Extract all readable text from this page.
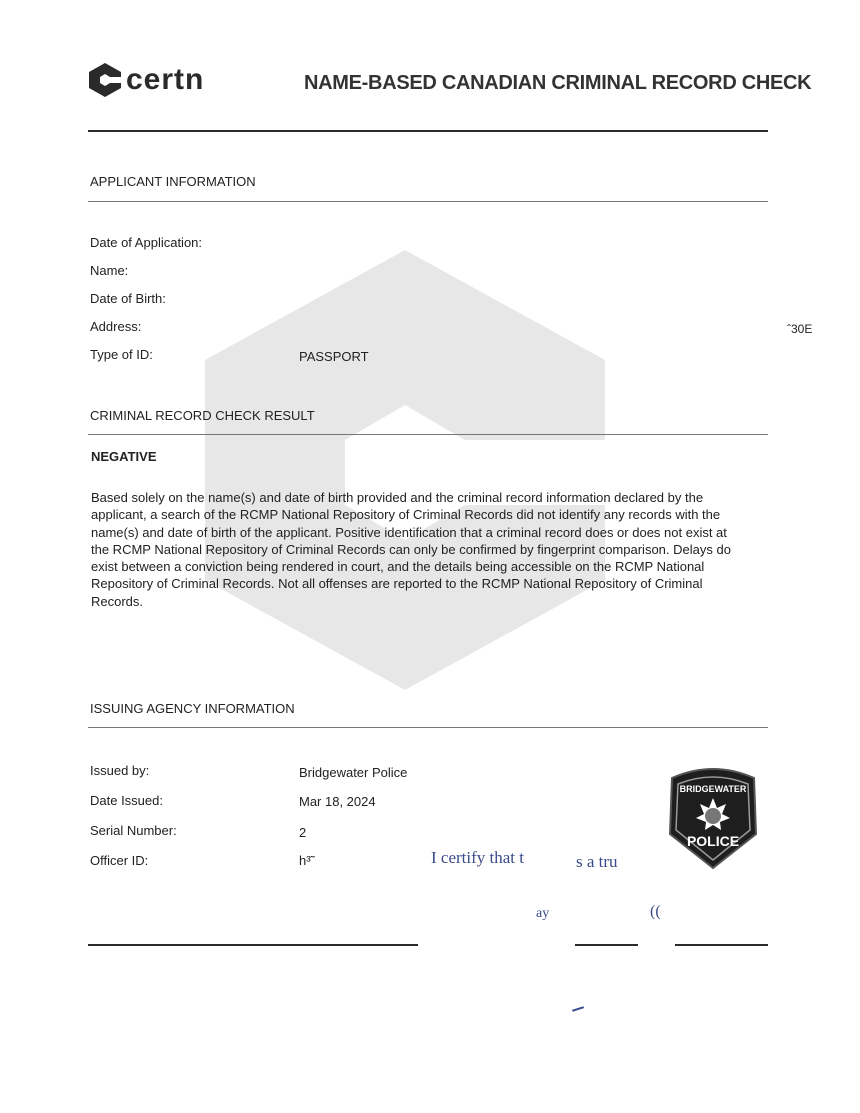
certn	NAME-BASED CANADIAN CRIMINAL RECORD CHECK
APPLICANT INFORMATION
Date of Application:
Name:
Date of Birth:
Address:	ˆ30E
Type of ID:	PASSPORT
CRIMINAL RECORD CHECK RESULT
NEGATIVE
Based solely on the name(s) and date of birth provided and the criminal record information declared by the applicant, a search of the RCMP National Repository of Criminal Records did not identify any records with the name(s) and date of birth of the applicant. Positive identification that a criminal record does or does not exist at the RCMP National Repository of Criminal Records can only be confirmed by fingerprint comparison. Delays do exist between a conviction being rendered in court, and the details being accessible on the RCMP National Repository of Criminal Records. Not all offenses are reported to the RCMP National Repository of Criminal Records.
ISSUING AGENCY INFORMATION
Issued by:	Bridgewater Police
Date Issued:	Mar 18, 2024
Serial Number:	2
Officer ID:	h³˜
BRIDGEWATER
POLICE
I certify that t	s a tru
ay	((
